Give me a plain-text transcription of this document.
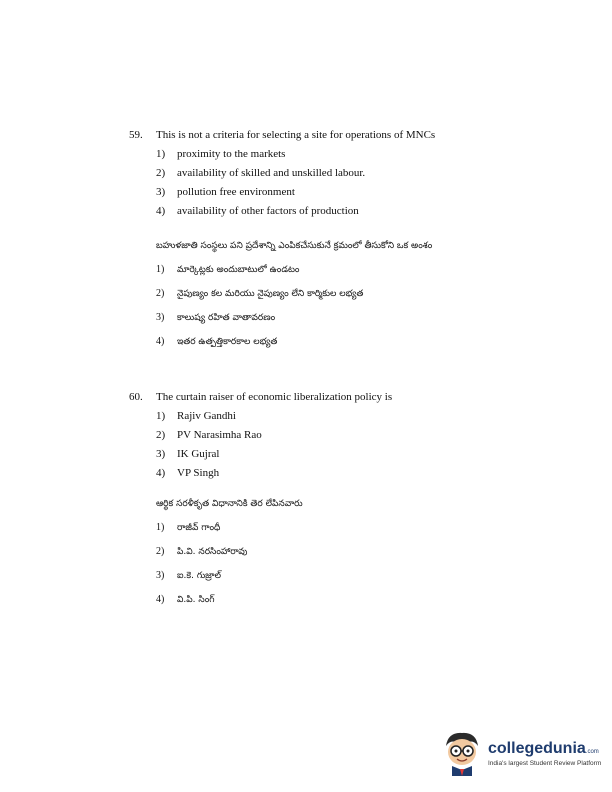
59.	This is not a criteria for selecting a site for operations of MNCs
1)	proximity to the markets
2)	availability of skilled and unskilled labour.
3)	pollution free environment
4)	availability of other factors of production
బహుళజాతి సంస్థలు పని ప్రదేశాన్ని ఎంపికచేసుకునే క్రమంలో తీసుకోని ఒక అంశం
1)	మార్కెట్లకు అందుబాటులో ఉండటం
2)	నైపుణ్యం కల మరియు నైపుణ్యం లేని కార్మికుల లభ్యత
3)	కాలుష్య రహిత వాతావరణం
4)	ఇతర ఉత్పత్తికారకాల లభ్యత
60.	The curtain raiser of economic liberalization policy is
1)	Rajiv Gandhi
2)	PV Narasimha Rao
3)	IK Gujral
4)	VP Singh
ఆర్థిక సరళీకృత విధానానికి తెర లేపినవారు
1)	రాజీవ్ గాంధీ
2)	పి.వి. నరసింహారావు
3)	ఐ.కె. గుజ్రాల్
4)	వి.పి. సింగ్
collegedunia.com
India's largest Student Review Platform
